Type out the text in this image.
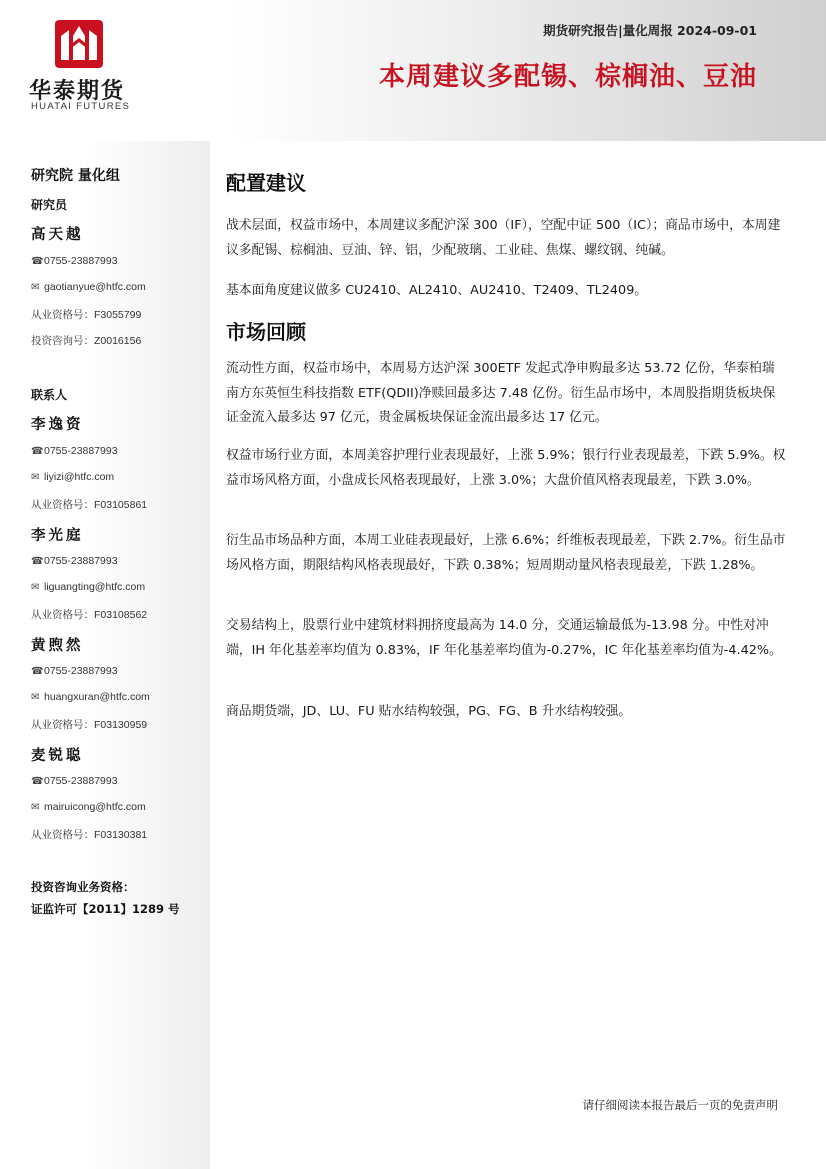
华泰期货
HUATAI FUTURES
期货研究报告|量化周报 2024-09-01
本周建议多配锡、棕榈油、豆油
研究院 量化组
研究员
高天越
☎0755-23887993
✉ gaotianyue@htfc.com
从业资格号：F3055799
投资咨询号：Z0016156
联系人
李逸资
☎0755-23887993
✉ liyizi@htfc.com
从业资格号：F03105861
李光庭
☎0755-23887993
✉ liguangting@htfc.com
从业资格号：F03108562
黄煦然
☎0755-23887993
✉ huangxuran@htfc.com
从业资格号：F03130959
麦锐聪
☎0755-23887993
✉ mairuicong@htfc.com
从业资格号：F03130381
投资咨询业务资格：
证监许可【2011】1289 号
配置建议
战术层面，权益市场中，本周建议多配沪深 300（IF），空配中证 500（IC）；商品市场中，本周建议多配锡、棕榈油、豆油、锌、铝，少配玻璃、工业硅、焦煤、螺纹钢、纯碱。
基本面角度建议做多 CU2410、AL2410、AU2410、T2409、TL2409。
市场回顾
流动性方面，权益市场中，本周易方达沪深 300ETF 发起式净申购最多达 53.72 亿份，华泰柏瑞南方东英恒生科技指数 ETF(QDII)净赎回最多达 7.48 亿份。衍生品市场中，本周股指期货板块保证金流入最多达 97 亿元，贵金属板块保证金流出最多达 17 亿元。
权益市场行业方面，本周美容护理行业表现最好，上涨 5.9%；银行行业表现最差，下跌 5.9%。权益市场风格方面，小盘成长风格表现最好，上涨 3.0%；大盘价值风格表现最差，下跌 3.0%。
衍生品市场品种方面，本周工业硅表现最好，上涨 6.6%；纤维板表现最差，下跌 2.7%。衍生品市场风格方面，期限结构风格表现最好，下跌 0.38%；短周期动量风格表现最差，下跌 1.28%。
交易结构上，股票行业中建筑材料拥挤度最高为 14.0 分，交通运输最低为-13.98 分。中性对冲端，IH 年化基差率均值为 0.83%，IF 年化基差率均值为-0.27%，IC 年化基差率均值为-4.42%。
商品期货端，JD、LU、FU 贴水结构较强，PG、FG、B 升水结构较强。
请仔细阅读本报告最后一页的免责声明
